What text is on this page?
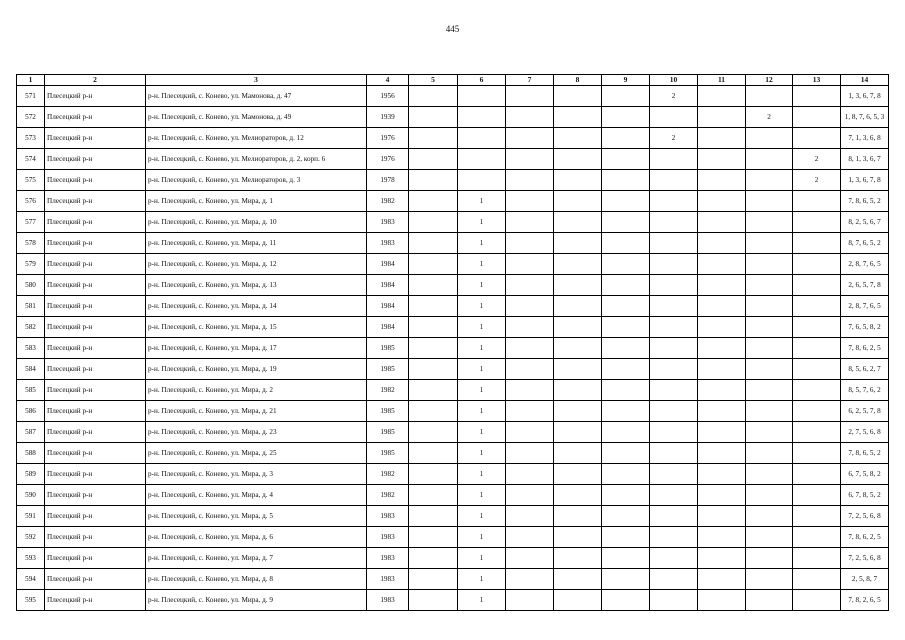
445
1	2	3	4	5	6	7	8	9	10	11	12	13	14
571	Плесецкий р-н	р-н. Плесецкий, с. Конево, ул. Мамонова, д. 47	1956						2				1, 3, 6, 7, 8
572	Плесецкий р-н	р-н. Плесецкий, с. Конево, ул. Мамонова, д. 49	1939								2		1, 8, 7, 6, 5, 3
573	Плесецкий р-н	р-н. Плесецкий, с. Конево, ул. Мелиораторов, д. 12	1976						2				7, 1, 3, 6, 8
574	Плесецкий р-н	р-н. Плесецкий, с. Конево, ул. Мелиораторов, д. 2, корп. 6	1976									2	8, 1, 3, 6, 7
575	Плесецкий р-н	р-н. Плесецкий, с. Конево, ул. Мелиораторов, д. 3	1978									2	1, 3, 6, 7, 8
576	Плесецкий р-н	р-н. Плесецкий, с. Конево, ул. Мира, д. 1	1982		1								7, 8, 6, 5, 2
577	Плесецкий р-н	р-н. Плесецкий, с. Конево, ул. Мира, д. 10	1983		1								8, 2, 5, 6, 7
578	Плесецкий р-н	р-н. Плесецкий, с. Конево, ул. Мира, д. 11	1983		1								8, 7, 6, 5, 2
579	Плесецкий р-н	р-н. Плесецкий, с. Конево, ул. Мира, д. 12	1984		1								2, 8, 7, 6, 5
580	Плесецкий р-н	р-н. Плесецкий, с. Конево, ул. Мира, д. 13	1984		1								2, 6, 5, 7, 8
581	Плесецкий р-н	р-н. Плесецкий, с. Конево, ул. Мира, д. 14	1984		1								2, 8, 7, 6, 5
582	Плесецкий р-н	р-н. Плесецкий, с. Конево, ул. Мира, д. 15	1984		1								7, 6, 5, 8, 2
583	Плесецкий р-н	р-н. Плесецкий, с. Конево, ул. Мира, д. 17	1985		1								7, 8, 6, 2, 5
584	Плесецкий р-н	р-н. Плесецкий, с. Конево, ул. Мира, д. 19	1985		1								8, 5, 6, 2, 7
585	Плесецкий р-н	р-н. Плесецкий, с. Конево, ул. Мира, д. 2	1982		1								8, 5, 7, 6, 2
586	Плесецкий р-н	р-н. Плесецкий, с. Конево, ул. Мира, д. 21	1985		1								6, 2, 5, 7, 8
587	Плесецкий р-н	р-н. Плесецкий, с. Конево, ул. Мира, д. 23	1985		1								2, 7, 5, 6, 8
588	Плесецкий р-н	р-н. Плесецкий, с. Конево, ул. Мира, д. 25	1985		1								7, 8, 6, 5, 2
589	Плесецкий р-н	р-н. Плесецкий, с. Конево, ул. Мира, д. 3	1982		1								6, 7, 5, 8, 2
590	Плесецкий р-н	р-н. Плесецкий, с. Конево, ул. Мира, д. 4	1982		1								6, 7, 8, 5, 2
591	Плесецкий р-н	р-н. Плесецкий, с. Конево, ул. Мира, д. 5	1983		1								7, 2, 5, 6, 8
592	Плесецкий р-н	р-н. Плесецкий, с. Конево, ул. Мира, д. 6	1983		1								7, 8, 6, 2, 5
593	Плесецкий р-н	р-н. Плесецкий, с. Конево, ул. Мира, д. 7	1983		1								7, 2, 5, 6, 8
594	Плесецкий р-н	р-н. Плесецкий, с. Конево, ул. Мира, д. 8	1983		1								2, 5, 8, 7
595	Плесецкий р-н	р-н. Плесецкий, с. Конево, ул. Мира, д. 9	1983		1								7, 8, 2, 6, 5
